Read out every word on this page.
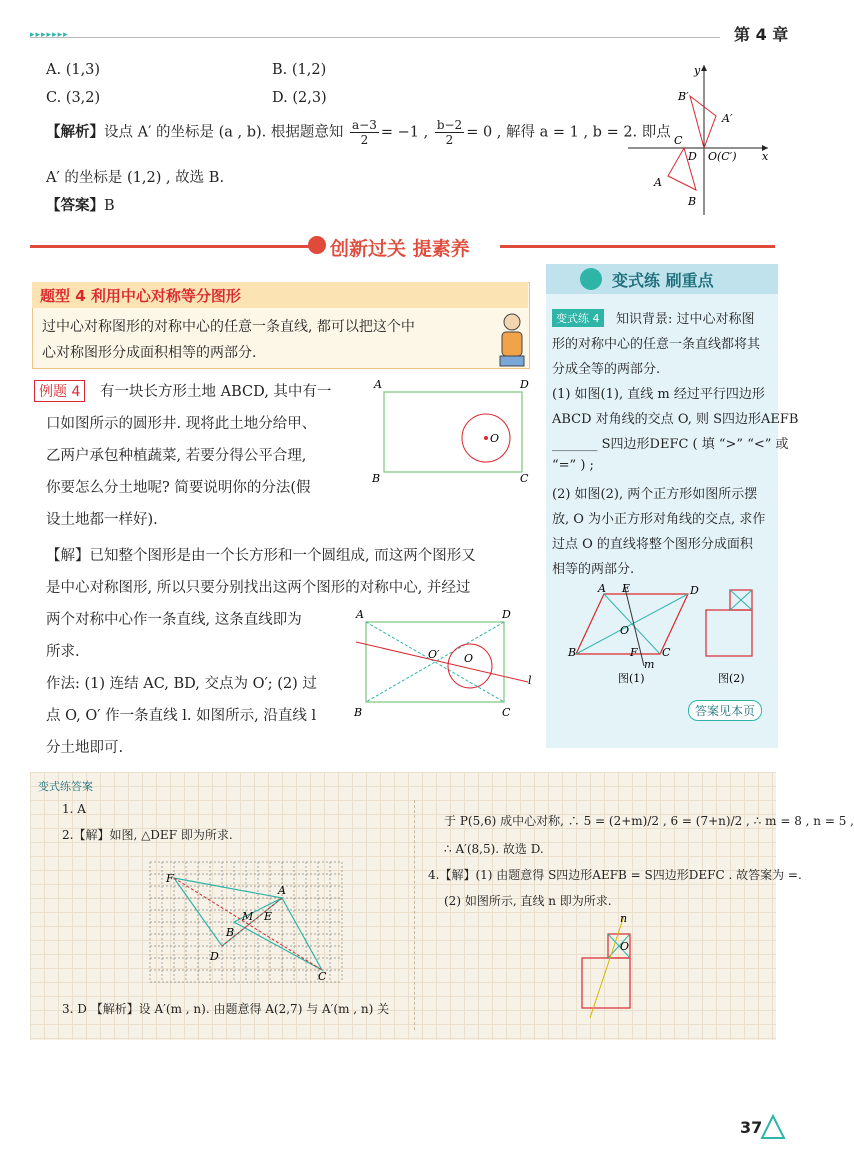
▸▸▸▸▸▸▸	第 4 章
A. (1,3)	B. (1,2)
C. (3,2)	D. (2,3)
【解析】设点 A′ 的坐标是 (a , b). 根据题意知 $\frac{a-3}{2} = -1$ , $\frac{b-2}{2} = 0$ , 解得 a = 1 , b = 2. 即点
A′ 的坐标是 (1,2) , 故选 B.
【答案】B
x
y
A′
B′
C
D O(C′)
A
B
创新过关 提素养
题型 4 利用中心对称等分图形
过中心对称图形的对称中心的任意一条直线, 都可以把这个中
心对称图形分成面积相等的两部分.
变式练 刷重点
变式练 4	知识背景: 过中心对称图
形的对称中心的任意一条直线都将其
分成全等的两部分.
(1) 如图(1), 直线 m 经过平行四边形
ABCD 对角线的交点 O, 则 S四边形AEFB
_______ S四边形DEFC ( 填 “>” “<” 或
“=” ) ;
(2) 如图(2), 两个正方形如图所示摆
放, O 为小正方形对角线的交点, 求作
过点 O 的直线将整个图形分成面积
相等的两部分.
A E	D
O
B	F C
m
图(1)	图(2)
答案见本页
例题 4	有一块长方形土地 ABCD, 其中有一
口如图所示的圆形井. 现将此土地分给甲、
乙两户承包种植蔬菜, 若要分得公平合理,
你要怎么分土地呢? 简要说明你的分法(假
设土地都一样好).
A	D
B	C
O
【解】已知整个图形是由一个长方形和一个圆组成, 而这两个图形又
是中心对称图形, 所以只要分别找出这两个图形的对称中心, 并经过
两个对称中心作一条直线, 这条直线即为
所求.
作法: (1) 连结 AC, BD, 交点为 O′; (2) 过
点 O, O′ 作一条直线 l. 如图所示, 沿直线 l
分土地即可.
A	D
B	C
O′ O
l
变式练答案
1. A
2.【解】如图, △DEF 即为所求.
3. D 【解析】设 A′(m , n). 由题意得 A(2,7) 与 A′(m , n) 关
于 P(5,6) 成中心对称, ∴ 5 = (2+m)/2 , 6 = (7+n)/2 , ∴ m = 8 , n = 5 ,
∴ A′(8,5). 故选 D.
4.【解】(1) 由题意得 S四边形AEFB = S四边形DEFC . 故答案为 =.
(2) 如图所示, 直线 n 即为所求.
F
A
M E
B
D
C
n
O
37
